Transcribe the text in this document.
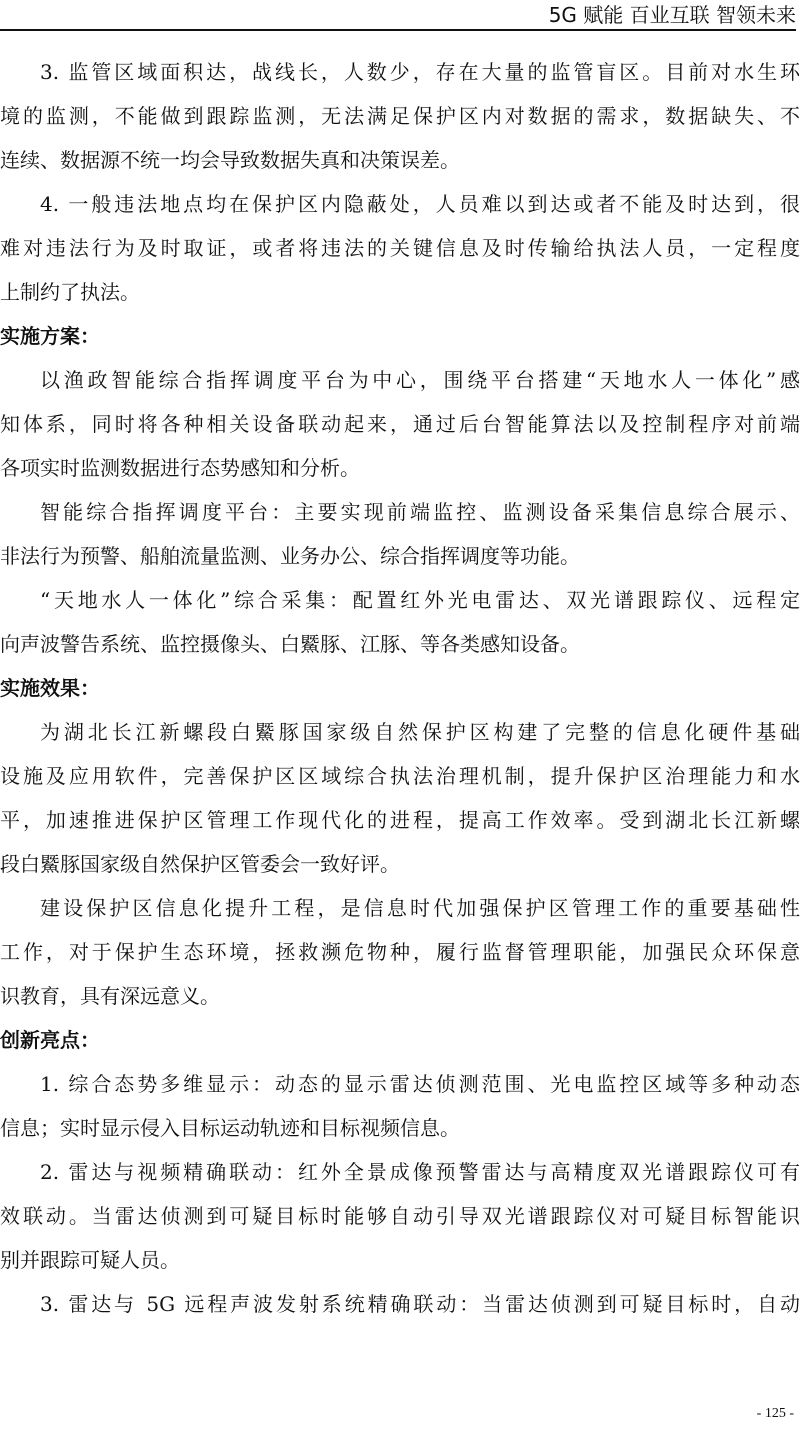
5G 赋能 百业互联 智领未来
3. 监管区域面积达，战线长，人数少，存在大量的监管盲区。目前对水生环
境的监测，不能做到跟踪监测，无法满足保护区内对数据的需求，数据缺失、不
连续、数据源不统一均会导致数据失真和决策误差。
4. 一般违法地点均在保护区内隐蔽处，人员难以到达或者不能及时达到，很
难对违法行为及时取证，或者将违法的关键信息及时传输给执法人员，一定程度
上制约了执法。
实施方案：
以渔政智能综合指挥调度平台为中心，围绕平台搭建“天地水人一体化”感
知体系，同时将各种相关设备联动起来，通过后台智能算法以及控制程序对前端
各项实时监测数据进行态势感知和分析。
智能综合指挥调度平台：主要实现前端监控、监测设备采集信息综合展示、
非法行为预警、船舶流量监测、业务办公、综合指挥调度等功能。
“天地水人一体化”综合采集：配置红外光电雷达、双光谱跟踪仪、远程定
向声波警告系统、监控摄像头、白鱀豚、江豚、等各类感知设备。
实施效果：
为湖北长江新螺段白鱀豚国家级自然保护区构建了完整的信息化硬件基础
设施及应用软件，完善保护区区域综合执法治理机制，提升保护区治理能力和水
平，加速推进保护区管理工作现代化的进程，提高工作效率。受到湖北长江新螺
段白鱀豚国家级自然保护区管委会一致好评。
建设保护区信息化提升工程，是信息时代加强保护区管理工作的重要基础性
工作，对于保护生态环境，拯救濒危物种，履行监督管理职能，加强民众环保意
识教育，具有深远意义。
创新亮点：
1. 综合态势多维显示：动态的显示雷达侦测范围、光电监控区域等多种动态
信息；实时显示侵入目标运动轨迹和目标视频信息。
2. 雷达与视频精确联动：红外全景成像预警雷达与高精度双光谱跟踪仪可有
效联动。当雷达侦测到可疑目标时能够自动引导双光谱跟踪仪对可疑目标智能识
别并跟踪可疑人员。
3. 雷达与 5G 远程声波发射系统精确联动：当雷达侦测到可疑目标时，自动
- 125 -
